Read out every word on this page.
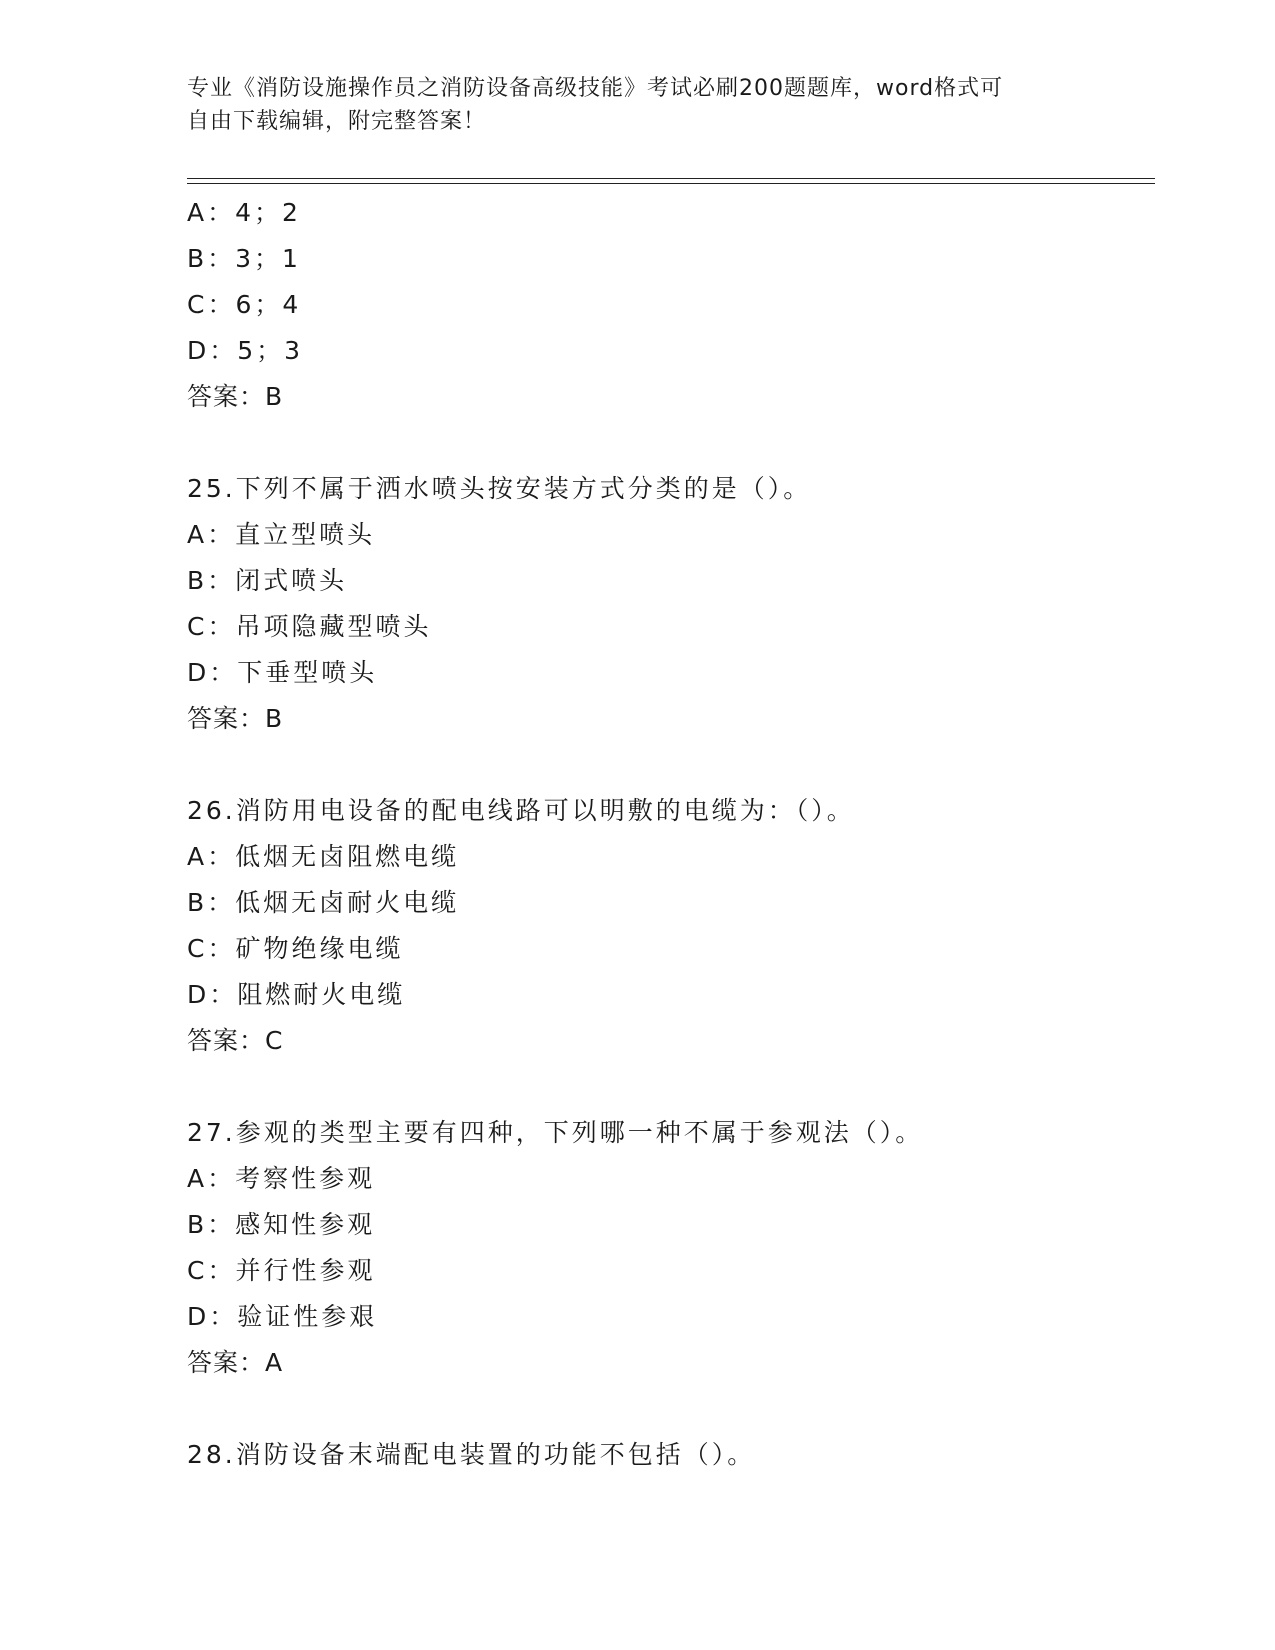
专业《消防设施操作员之消防设备高级技能》考试必刷200题题库，word格式可
自由下载编辑，附完整答案！
A：4；2
B：3；1
C：6；4
D：5；3
答案：B
25.下列不属于洒水喷头按安装方式分类的是（）。
A：直立型喷头
B：闭式喷头
C：吊项隐藏型喷头
D：下垂型喷头
答案：B
26.消防用电设备的配电线路可以明敷的电缆为：（）。
A：低烟无卤阻燃电缆
B：低烟无卤耐火电缆
C：矿物绝缘电缆
D：阻燃耐火电缆
答案：C
27.参观的类型主要有四种，下列哪一种不属于参观法（）。
A：考察性参观
B：感知性参观
C：并行性参观
D：验证性参艰
答案：A
28.消防设备末端配电装置的功能不包括（）。
